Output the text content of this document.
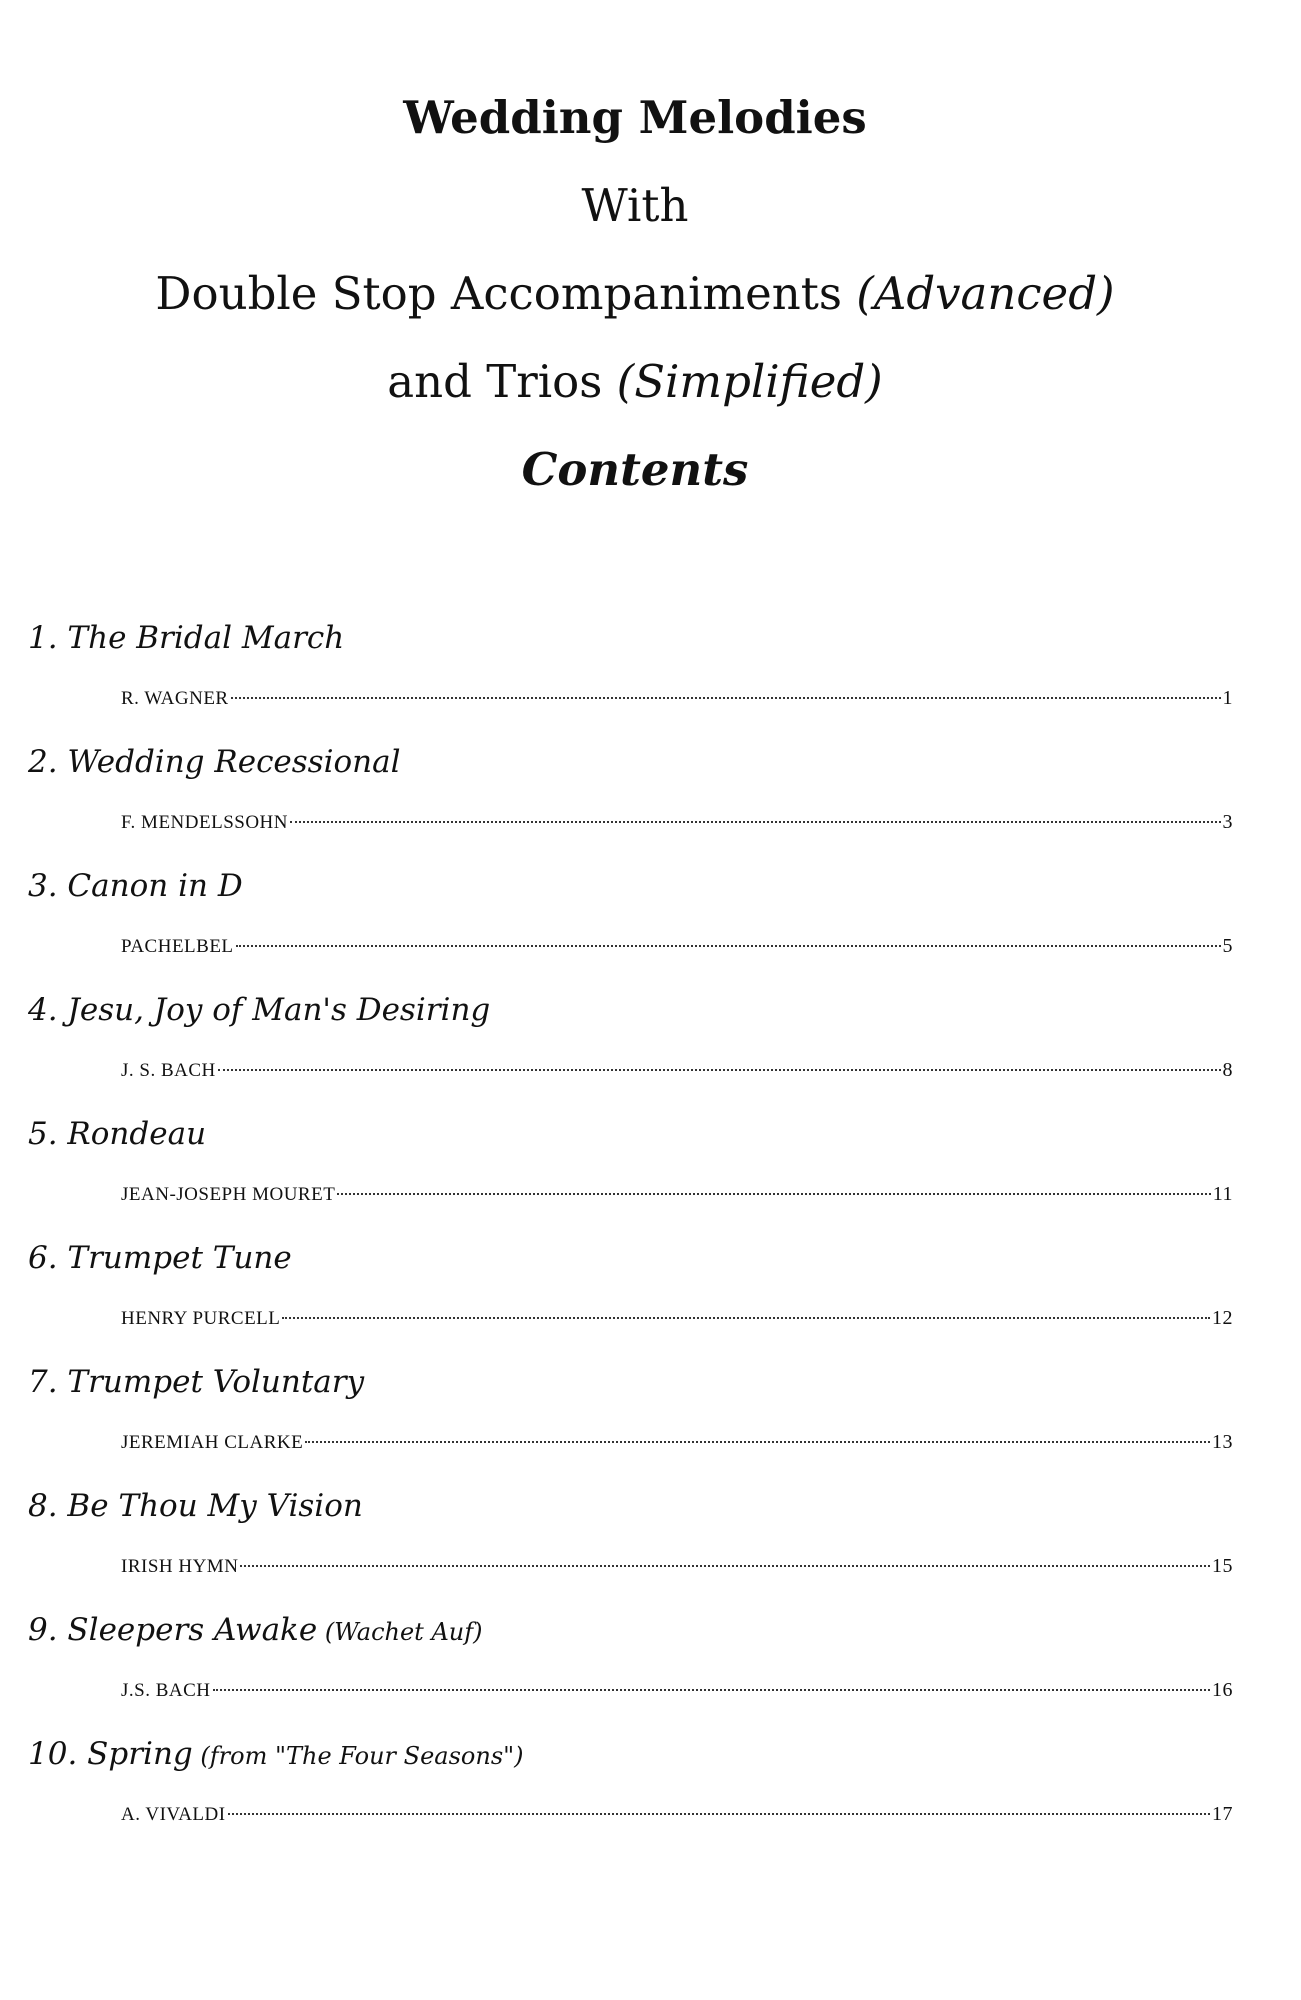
Wedding Melodies
With
Double Stop Accompaniments (Advanced)
and Trios (Simplified)
Contents
1. The Bridal March
R. WAGNER	1
2. Wedding Recessional
F. MENDELSSOHN	3
3. Canon in D
PACHELBEL	5
4. Jesu, Joy of Man's Desiring
J. S. BACH	8
5. Rondeau
JEAN-JOSEPH MOURET	11
6. Trumpet Tune
HENRY PURCELL	12
7. Trumpet Voluntary
JEREMIAH CLARKE	13
8. Be Thou My Vision
IRISH HYMN	15
9. Sleepers Awake (Wachet Auf)
J.S. BACH	16
10. Spring (from "The Four Seasons")
A. VIVALDI	17
